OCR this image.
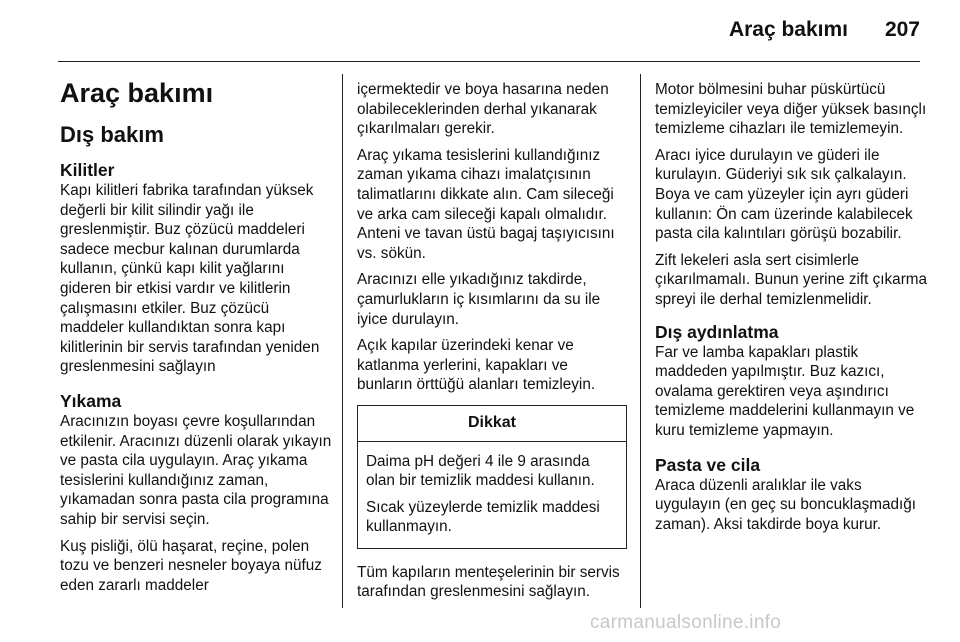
Araç bakımı 207
Araç bakımı
Dış bakım
Kilitler

Kapı kilitleri fabrika tarafından yüksek değerli bir kilit silindir yağı ile greslenmiştir. Buz çözücü maddeleri sadece mecbur kalınan durumlarda kullanın, çünkü kapı kilit yağlarını gideren bir etkisi vardır ve kilitlerin çalışmasını etkiler. Buz çözücü maddeler kullandıktan sonra kapı kilitlerinin bir servis tarafından yeniden greslenmesini sağlayın

Yıkama

Aracınızın boyası çevre koşullarından etkilenir. Aracınızı düzenli olarak yıkayın ve pasta cila uygulayın. Araç yıkama tesislerini kullandığınız zaman, yıkamadan sonra pasta cila programına sahip bir servisi seçin.

Kuş pisliği, ölü haşarat, reçine, polen tozu ve benzeri nesneler boyaya nüfuz eden zararlı maddeler

içermektedir ve boya hasarına neden olabileceklerinden derhal yıkanarak çıkarılmaları gerekir.

Araç yıkama tesislerini kullandığınız zaman yıkama cihazı imalatçısının talimatlarını dikkate alın. Cam sileceği ve arka cam sileceği kapalı olmalıdır. Anteni ve tavan üstü bagaj taşıyıcısını vs. sökün.

Aracınızı elle yıkadığınız takdirde, çamurlukların iç kısımlarını da su ile iyice durulayın.

Açık kapılar üzerindeki kenar ve katlanma yerlerini, kapakları ve bunların örttüğü alanları temizleyin.

Dikkat

Daima pH değeri 4 ile 9 arasında olan bir temizlik maddesi kullanın.

Sıcak yüzeylerde temizlik maddesi kullanmayın.

Tüm kapıların menteşelerinin bir servis tarafından greslenmesini sağlayın.

Motor bölmesini buhar püskürtücü temizleyiciler veya diğer yüksek basınçlı temizleme cihazları ile temizlemeyin.

Aracı iyice durulayın ve güderi ile kurulayın. Güderiyi sık sık çalkalayın. Boya ve cam yüzeyler için ayrı güderi kullanın: Ön cam üzerinde kalabilecek pasta cila kalıntıları görüşü bozabilir.

Zift lekeleri asla sert cisimlerle çıkarılmamalı. Bunun yerine zift çıkarma spreyi ile derhal temizlenmelidir.

Dış aydınlatma

Far ve lamba kapakları plastik maddeden yapılmıştır. Buz kazıcı, ovalama gerektiren veya aşındırıcı temizleme maddelerini kullanmayın ve kuru temizleme yapmayın.

Pasta ve cila

Araca düzenli aralıklar ile vaks uygulayın (en geç su boncuklaşmadığı zaman). Aksi takdirde boya kurur.

carmanualsonline.info
